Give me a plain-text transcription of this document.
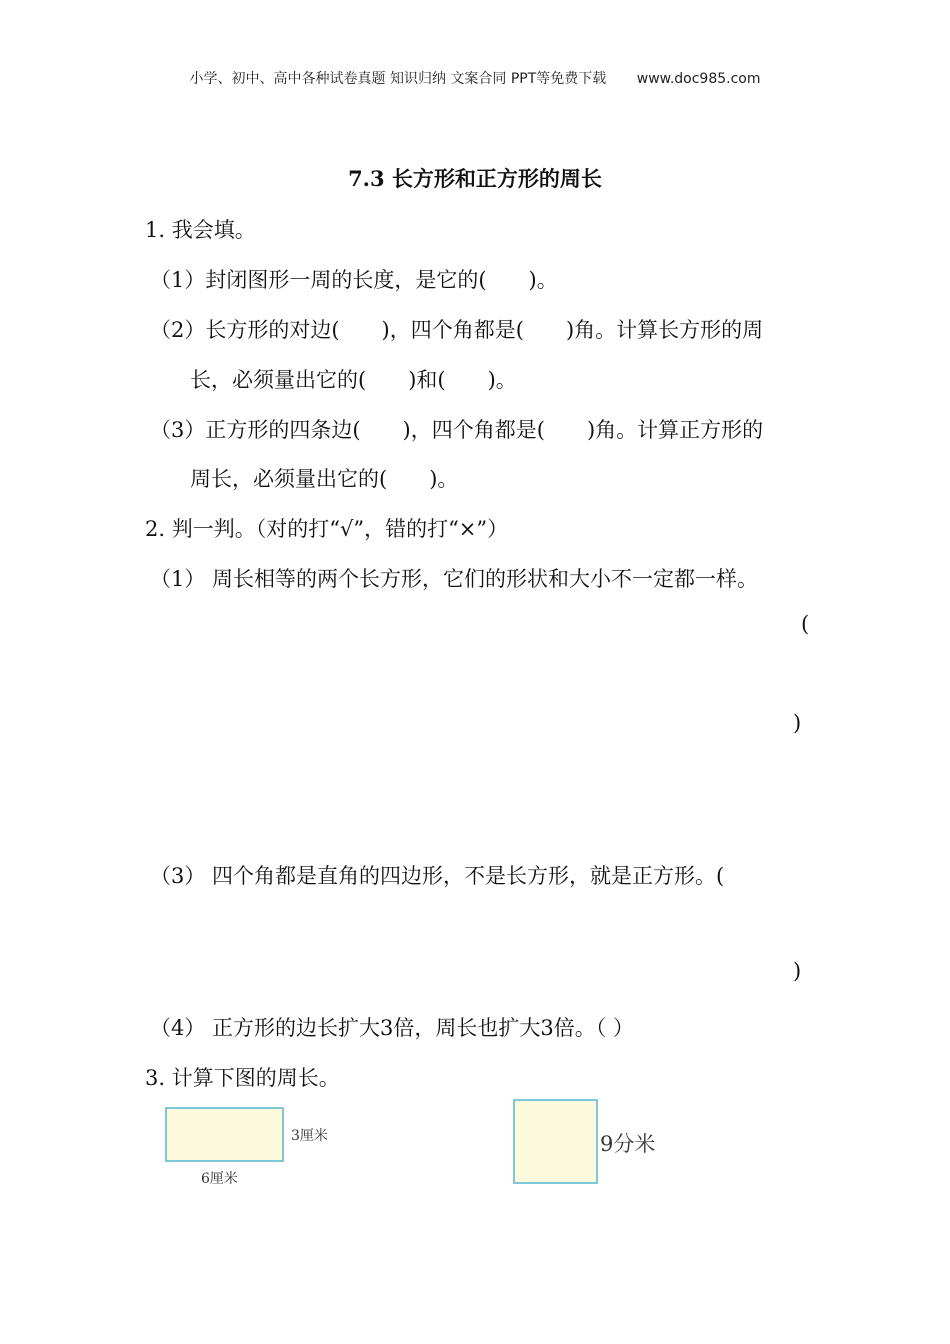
小学、初中、高中各种试卷真题 知识归纳 文案合同 PPT等免费下载 www.doc985.com
7.3 长方形和正方形的周长
1. 我会填。
（1）封闭图形一周的长度，是它的(　　)。
（2）长方形的对边(　　)，四个角都是(　　)角。计算长方形的周
长，必须量出它的(　　)和(　　)。
（3）正方形的四条边(　　)，四个角都是(　　)角。计算正方形的
周长，必须量出它的(　　)。
2. 判一判。（对的打“√”，错的打“×”）
（1） 周长相等的两个长方形，它们的形状和大小不一定都一样。
(
)
（3） 四个角都是直角的四边形，不是长方形，就是正方形。(
)
（4） 正方形的边长扩大3倍，周长也扩大3倍。（ ）
3. 计算下图的周长。
3厘米
6厘米
9分米
